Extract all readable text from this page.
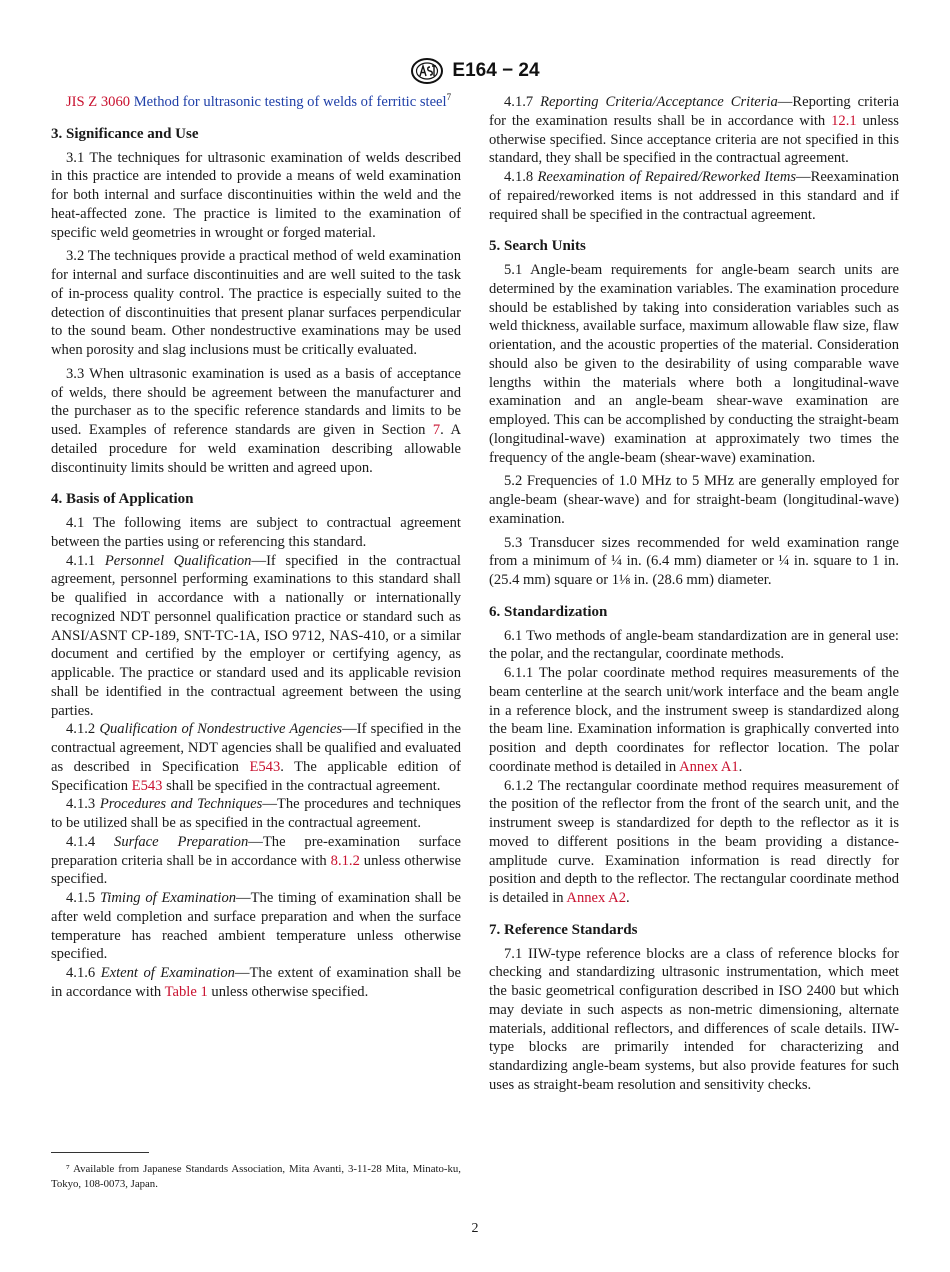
E164 − 24

JIS Z 3060 Method for ultrasonic testing of welds of ferritic steel$^7$

3. Significance and Use

3.1 The techniques for ultrasonic examination of welds described in this practice are intended to provide a means of weld examination for both internal and surface discontinuities within the weld and the heat-affected zone. The practice is limited to the examination of specific weld geometries in wrought or forged material.

3.2 The techniques provide a practical method of weld examination for internal and surface discontinuities and are well suited to the task of in-process quality control. The practice is especially suited to the detection of discontinuities that present planar surfaces perpendicular to the sound beam. Other nondestructive examinations may be used when porosity and slag inclusions must be critically evaluated.

3.3 When ultrasonic examination is used as a basis of acceptance of welds, there should be agreement between the manufacturer and the purchaser as to the specific reference standards and limits to be used. Examples of reference standards are given in Section 7. A detailed procedure for weld examination describing allowable discontinuity limits should be written and agreed upon.

4. Basis of Application

4.1 The following items are subject to contractual agreement between the parties using or referencing this standard.

4.1.1 Personnel Qualification—If specified in the contractual agreement, personnel performing examinations to this standard shall be qualified in accordance with a nationally or internationally recognized NDT personnel qualification practice or standard such as ANSI/ASNT CP-189, SNT-TC-1A, ISO 9712, NAS-410, or a similar document and certified by the employer or certifying agency, as applicable. The practice or standard used and its applicable revision shall be identified in the contractual agreement between the using parties.

4.1.2 Qualification of Nondestructive Agencies—If specified in the contractual agreement, NDT agencies shall be qualified and evaluated as described in Specification E543. The applicable edition of Specification E543 shall be specified in the contractual agreement.

4.1.3 Procedures and Techniques—The procedures and techniques to be utilized shall be as specified in the contractual agreement.

4.1.4 Surface Preparation—The pre-examination surface preparation criteria shall be in accordance with 8.1.2 unless otherwise specified.

4.1.5 Timing of Examination—The timing of examination shall be after weld completion and surface preparation and when the surface temperature has reached ambient temperature unless otherwise specified.

4.1.6 Extent of Examination—The extent of examination shall be in accordance with Table 1 unless otherwise specified.

⁷ Available from Japanese Standards Association, Mita Avanti, 3-11-28 Mita, Minato-ku, Tokyo, 108-0073, Japan.

4.1.7 Reporting Criteria/Acceptance Criteria—Reporting criteria for the examination results shall be in accordance with 12.1 unless otherwise specified. Since acceptance criteria are not specified in this standard, they shall be specified in the contractual agreement.

4.1.8 Reexamination of Repaired/Reworked Items—Reexamination of repaired/reworked items is not addressed in this standard and if required shall be specified in the contractual agreement.

5. Search Units

5.1 Angle-beam requirements for angle-beam search units are determined by the examination variables. The examination procedure should be established by taking into consideration variables such as weld thickness, available surface, maximum allowable flaw size, flaw orientation, and the acoustic properties of the material. Consideration should also be given to the desirability of using comparable wave lengths within the materials where both a longitudinal-wave examination and an angle-beam shear-wave examination are employed. This can be accomplished by conducting the straight-beam (longitudinal-wave) examination at approximately two times the frequency of the angle-beam (shear-wave) examination.

5.2 Frequencies of 1.0 MHz to 5 MHz are generally employed for angle-beam (shear-wave) and for straight-beam (longitudinal-wave) examination.

5.3 Transducer sizes recommended for weld examination range from a minimum of ¼ in. (6.4 mm) diameter or ¼ in. square to 1 in. (25.4 mm) square or 1⅛ in. (28.6 mm) diameter.

6. Standardization

6.1 Two methods of angle-beam standardization are in general use: the polar, and the rectangular, coordinate methods.

6.1.1 The polar coordinate method requires measurements of the beam centerline at the search unit/work interface and the beam angle in a reference block, and the instrument sweep is standardized along the beam line. Examination information is graphically converted into position and depth coordinates for reflector location. The polar coordinate method is detailed in Annex A1.

6.1.2 The rectangular coordinate method requires measurement of the position of the reflector from the front of the search unit, and the instrument sweep is standardized for depth to the reflector as it is moved to different positions in the beam providing a distance-amplitude curve. Examination information is read directly for position and depth to the reflector. The rectangular coordinate method is detailed in Annex A2.

7. Reference Standards

7.1 IIW-type reference blocks are a class of reference blocks for checking and standardizing ultrasonic instrumentation, which meet the basic geometrical configuration described in ISO 2400 but which may deviate in such aspects as non-metric dimensioning, alternate materials, additional reflectors, and differences of scale details. IIW-type blocks are primarily intended for characterizing and standardizing angle-beam systems, but also provide features for such uses as straight-beam resolution and sensitivity checks.

2
